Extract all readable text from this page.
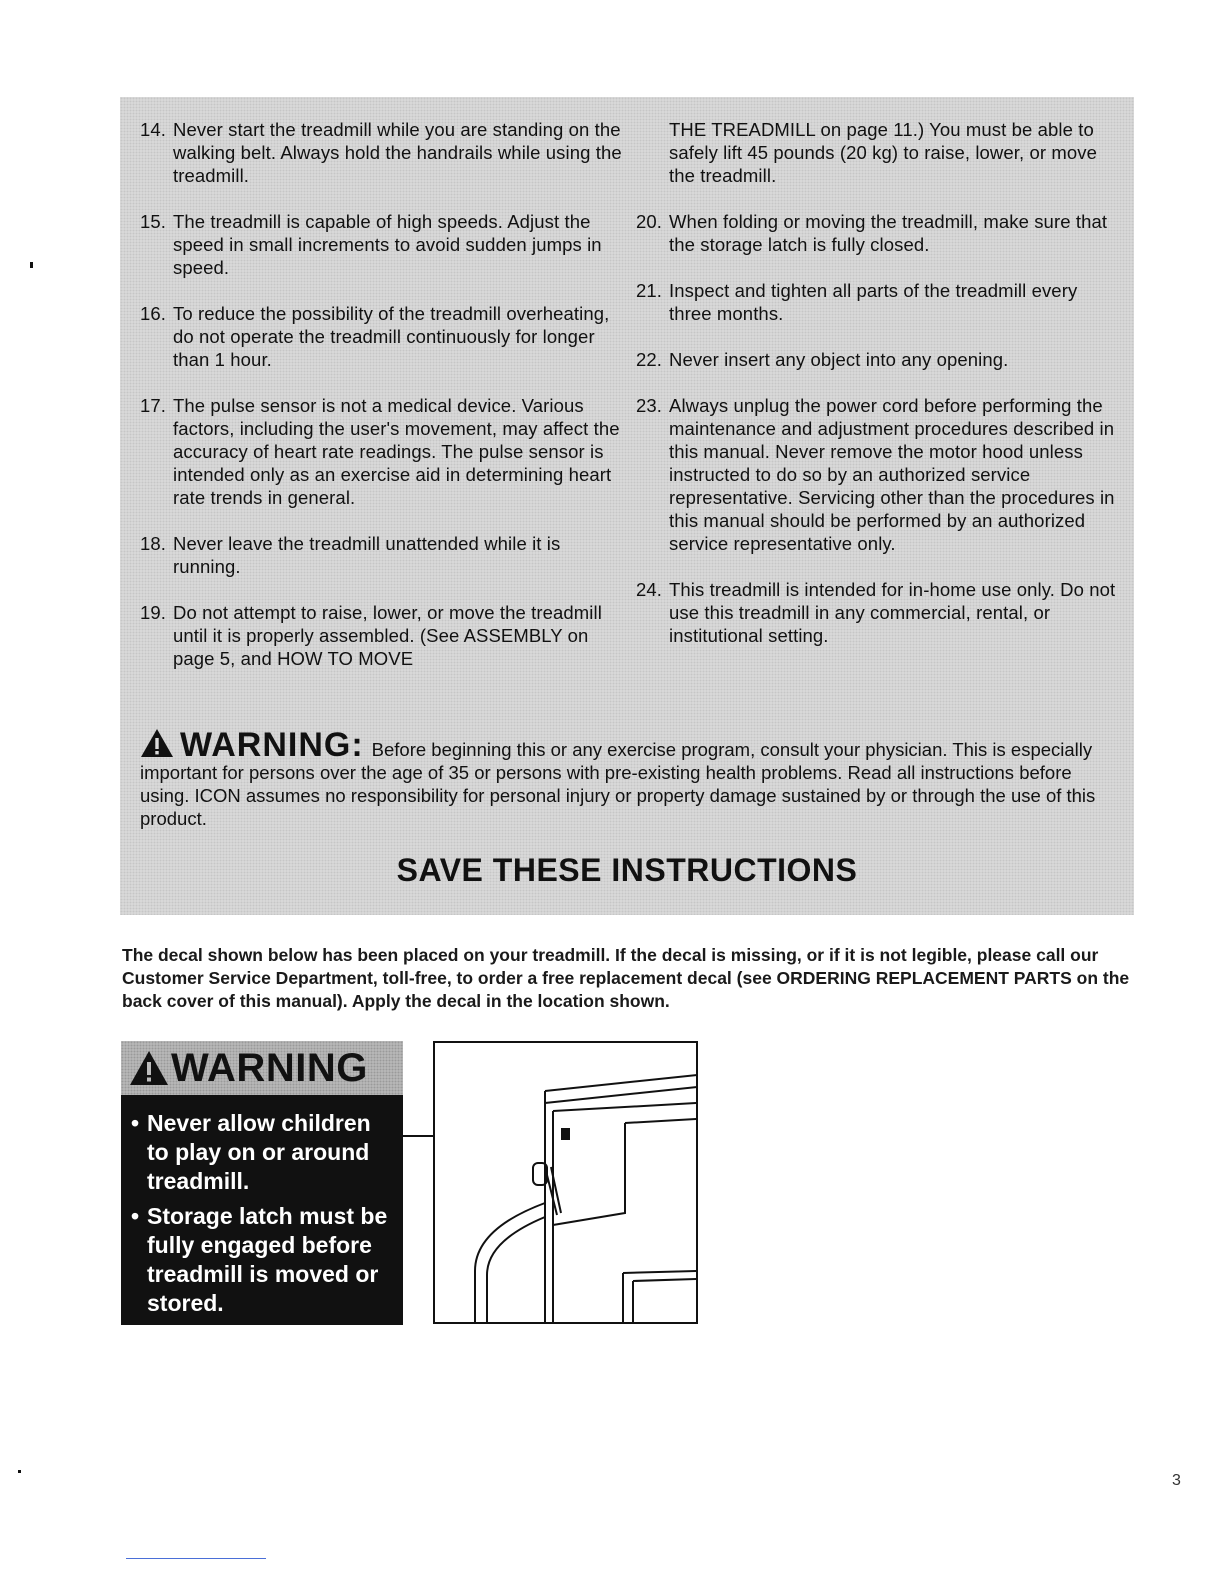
14. Never start the treadmill while you are standing on the walking belt. Always hold the handrails while using the treadmill.
15. The treadmill is capable of high speeds. Adjust the speed in small increments to avoid sudden jumps in speed.
16. To reduce the possibility of the treadmill overheating, do not operate the treadmill continuously for longer than 1 hour.
17. The pulse sensor is not a medical device. Various factors, including the user's movement, may affect the accuracy of heart rate readings. The pulse sensor is intended only as an exercise aid in determining heart rate trends in general.
18. Never leave the treadmill unattended while it is running.
19. Do not attempt to raise, lower, or move the treadmill until it is properly assembled. (See ASSEMBLY on page 5, and HOW TO MOVE
THE TREADMILL on page 11.) You must be able to safely lift 45 pounds (20 kg) to raise, lower, or move the treadmill.
20. When folding or moving the treadmill, make sure that the storage latch is fully closed.
21. Inspect and tighten all parts of the treadmill every three months.
22. Never insert any object into any opening.
23. Always unplug the power cord before performing the maintenance and adjustment procedures described in this manual. Never remove the motor hood unless instructed to do so by an authorized service representative. Servicing other than the procedures in this manual should be performed by an authorized service representative only.
24. This treadmill is intended for in-home use only. Do not use this treadmill in any commercial, rental, or institutional setting.
WARNING: Before beginning this or any exercise program, consult your physician. This is especially important for persons over the age of 35 or persons with pre-existing health problems. Read all instructions before using. ICON assumes no responsibility for personal injury or property damage sustained by or through the use of this product.
SAVE THESE INSTRUCTIONS
The decal shown below has been placed on your treadmill. If the decal is missing, or if it is not legible, please call our Customer Service Department, toll-free, to order a free replacement decal (see ORDERING REPLACEMENT PARTS on the back cover of this manual). Apply the decal in the location shown.
WARNING
• Never allow children to play on or around treadmill.
• Storage latch must be fully engaged before treadmill is moved or stored.
3
